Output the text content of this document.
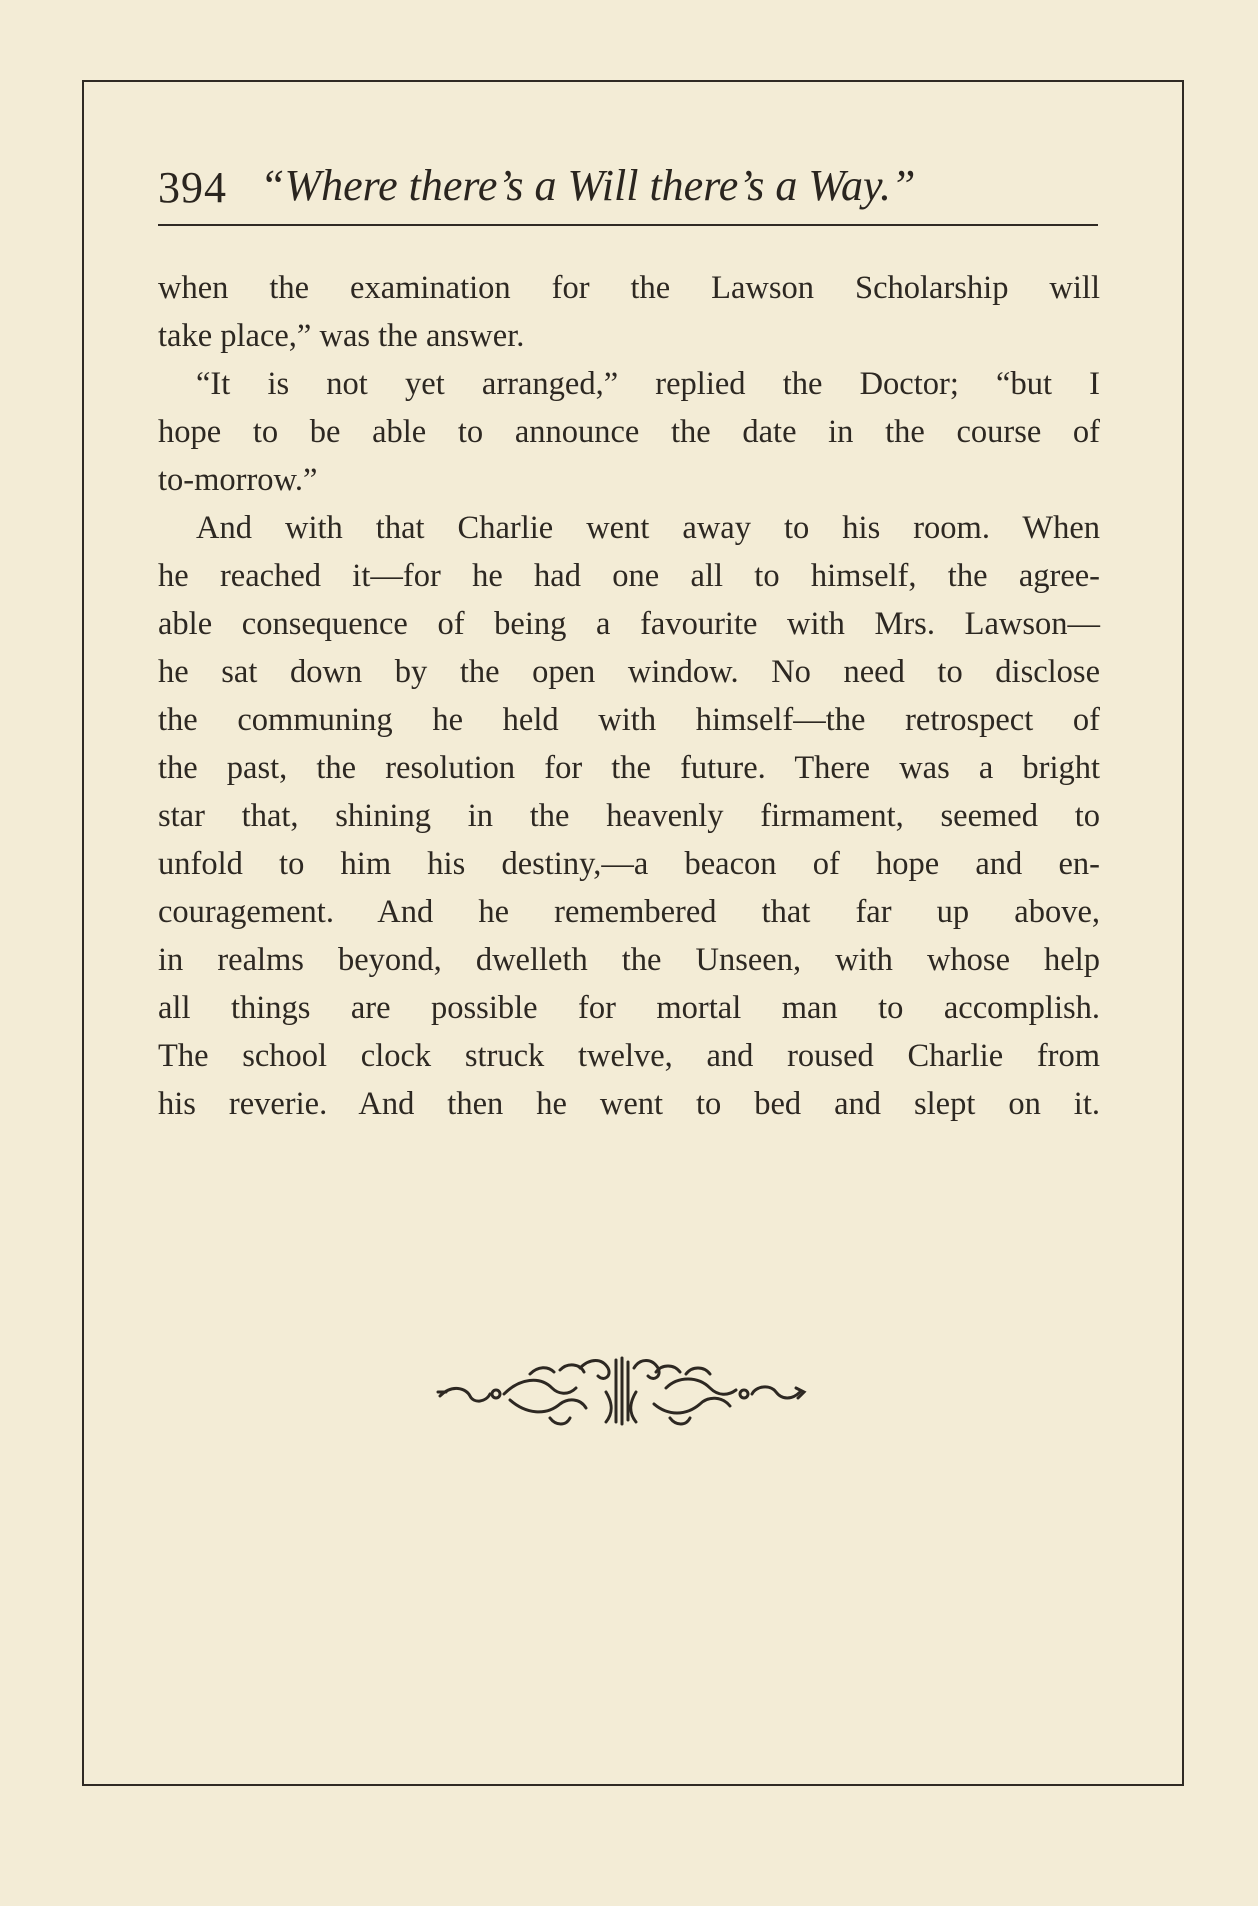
394 “Where there’s a Will there’s a Way.”
when the examination for the Lawson Scholarship will
take place,” was the answer.
“It is not yet arranged,” replied the Doctor; “but I
hope to be able to announce the date in the course of
to-morrow.”
And with that Charlie went away to his room. When
he reached it—for he had one all to himself, the agree-
able consequence of being a favourite with Mrs. Lawson—
he sat down by the open window. No need to disclose
the communing he held with himself—the retrospect of
the past, the resolution for the future. There was a bright
star that, shining in the heavenly firmament, seemed to
unfold to him his destiny,—a beacon of hope and en-
couragement. And he remembered that far up above,
in realms beyond, dwelleth the Unseen, with whose help
all things are possible for mortal man to accomplish.
The school clock struck twelve, and roused Charlie from
his reverie. And then he went to bed and slept on it.
